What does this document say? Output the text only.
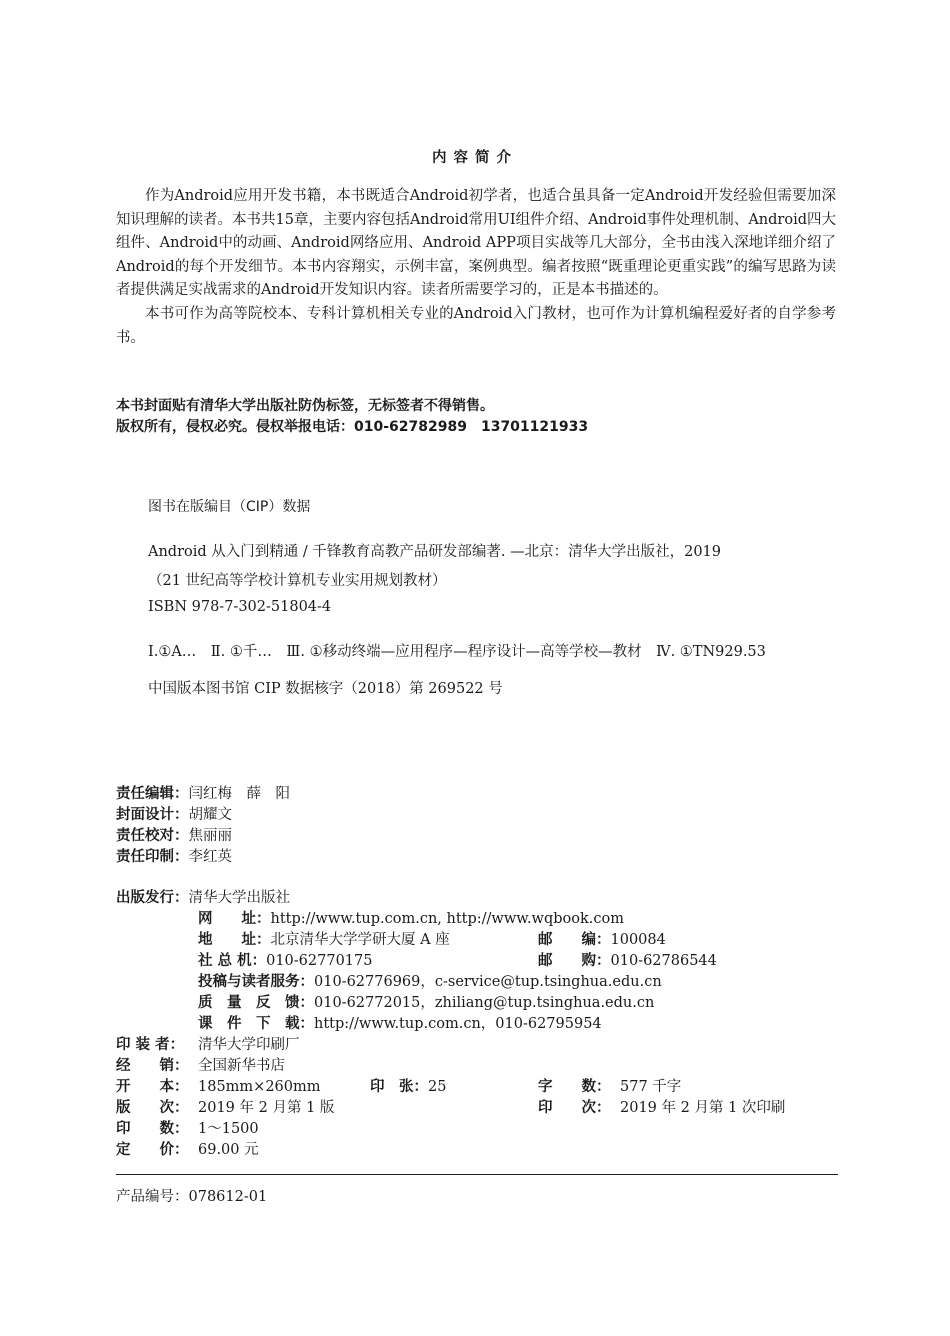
内容简介

作为Android应用开发书籍，本书既适合Android初学者，也适合虽具备一定Android开发经验但需要加深知识理解的读者。本书共15章，主要内容包括Android常用UI组件介绍、Android事件处理机制、Android四大组件、Android中的动画、Android网络应用、Android APP项目实战等几大部分，全书由浅入深地详细介绍了Android的每个开发细节。本书内容翔实，示例丰富，案例典型。编者按照“既重理论更重实践”的编写思路为读者提供满足实战需求的Android开发知识内容。读者所需要学习的，正是本书描述的。

本书可作为高等院校本、专科计算机相关专业的Android入门教材，也可作为计算机编程爱好者的自学参考书。

本书封面贴有清华大学出版社防伪标签，无标签者不得销售。
版权所有，侵权必究。侵权举报电话：010-62782989　13701121933
图书在版编目（CIP）数据
Android 从入门到精通 / 千锋教育高教产品研发部编著. —北京：清华大学出版社，2019
（21 世纪高等学校计算机专业实用规划教材）
ISBN 978-7-302-51804-4
Ⅰ.①A…　Ⅱ. ①千…　Ⅲ. ①移动终端—应用程序—程序设计—高等学校—教材　Ⅳ. ①TN929.53
中国版本图书馆 CIP 数据核字（2018）第 269522 号
责任编辑：闫红梅　薛　阳
封面设计：胡耀文
责任校对：焦丽丽
责任印制：李红英
出版发行：清华大学出版社
网　　址：http://www.tup.com.cn, http://www.wqbook.com
地　　址：北京清华大学学研大厦 A 座	邮　　编：100084
社 总 机：010-62770175	邮　　购：010-62786544
投稿与读者服务：010-62776969，c-service@tup.tsinghua.edu.cn
质　量　反　馈：010-62772015，zhiliang@tup.tsinghua.edu.cn
课　件　下　载：http://www.tup.com.cn，010-62795954
印 装 者： 清华大学印刷厂
经　　销： 全国新华书店
开　　本： 185mm×260mm	印　张：25	字　　数： 577 千字
版　　次： 2019 年 2 月第 1 版	印　　次： 2019 年 2 月第 1 次印刷
印　　数： 1～1500
定　　价： 69.00 元
产品编号：078612-01
